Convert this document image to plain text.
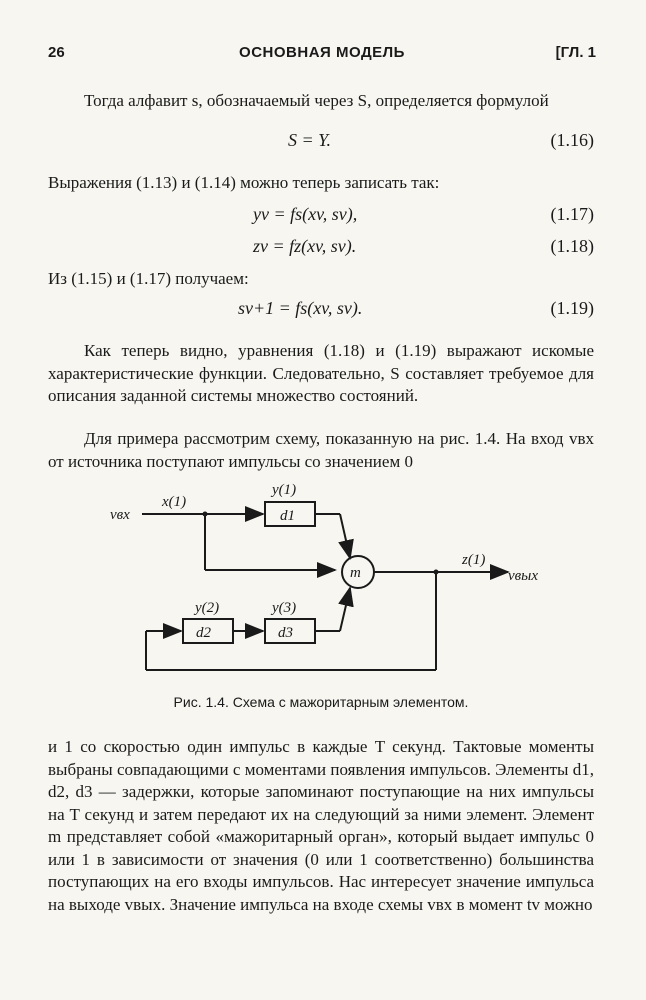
26	ОСНОВНАЯ МОДЕЛЬ	[ГЛ. 1

Тогда алфавит s, обозначаемый через S, определяется формулой

S = Y.	(1.16)

Выражения (1.13) и (1.14) можно теперь записать так:

yv = fs(xv, sv),	(1.17)
zv = fz(xv, sv).	(1.18)

Из (1.15) и (1.17) получаем:

sv+1 = fs(xv, sv).	(1.19)

Как теперь видно, уравнения (1.18) и (1.19) выражают искомые характеристические функции. Следовательно, S составляет требуемое для описания заданной системы множество состояний.

Для примера рассмотрим схему, показанную на рис. 1.4. На вход vвх от источника поступают импульсы со значением 0

vвх
x(1)
y(1)
d1
m
z(1)
vвых
y(2)	y(3)
d2	d3
Рис. 1.4. Схема с мажоритарным элементом.

и 1 со скоростью один импульс в каждые T секунд. Тактовые моменты выбраны совпадающими с моментами появления импульсов. Элементы d1, d2, d3 — задержки, которые запоминают поступающие на них импульсы на T секунд и затем передают их на следующий за ними элемент. Элемент m представляет собой «мажоритарный орган», который выдает импульс 0 или 1 в зависимости от значения (0 или 1 соответственно) большинства поступающих на его входы импульсов. Нас интересует значение импульса на выходе vвых. Значение импульса на входе схемы vвх в момент tv можно
